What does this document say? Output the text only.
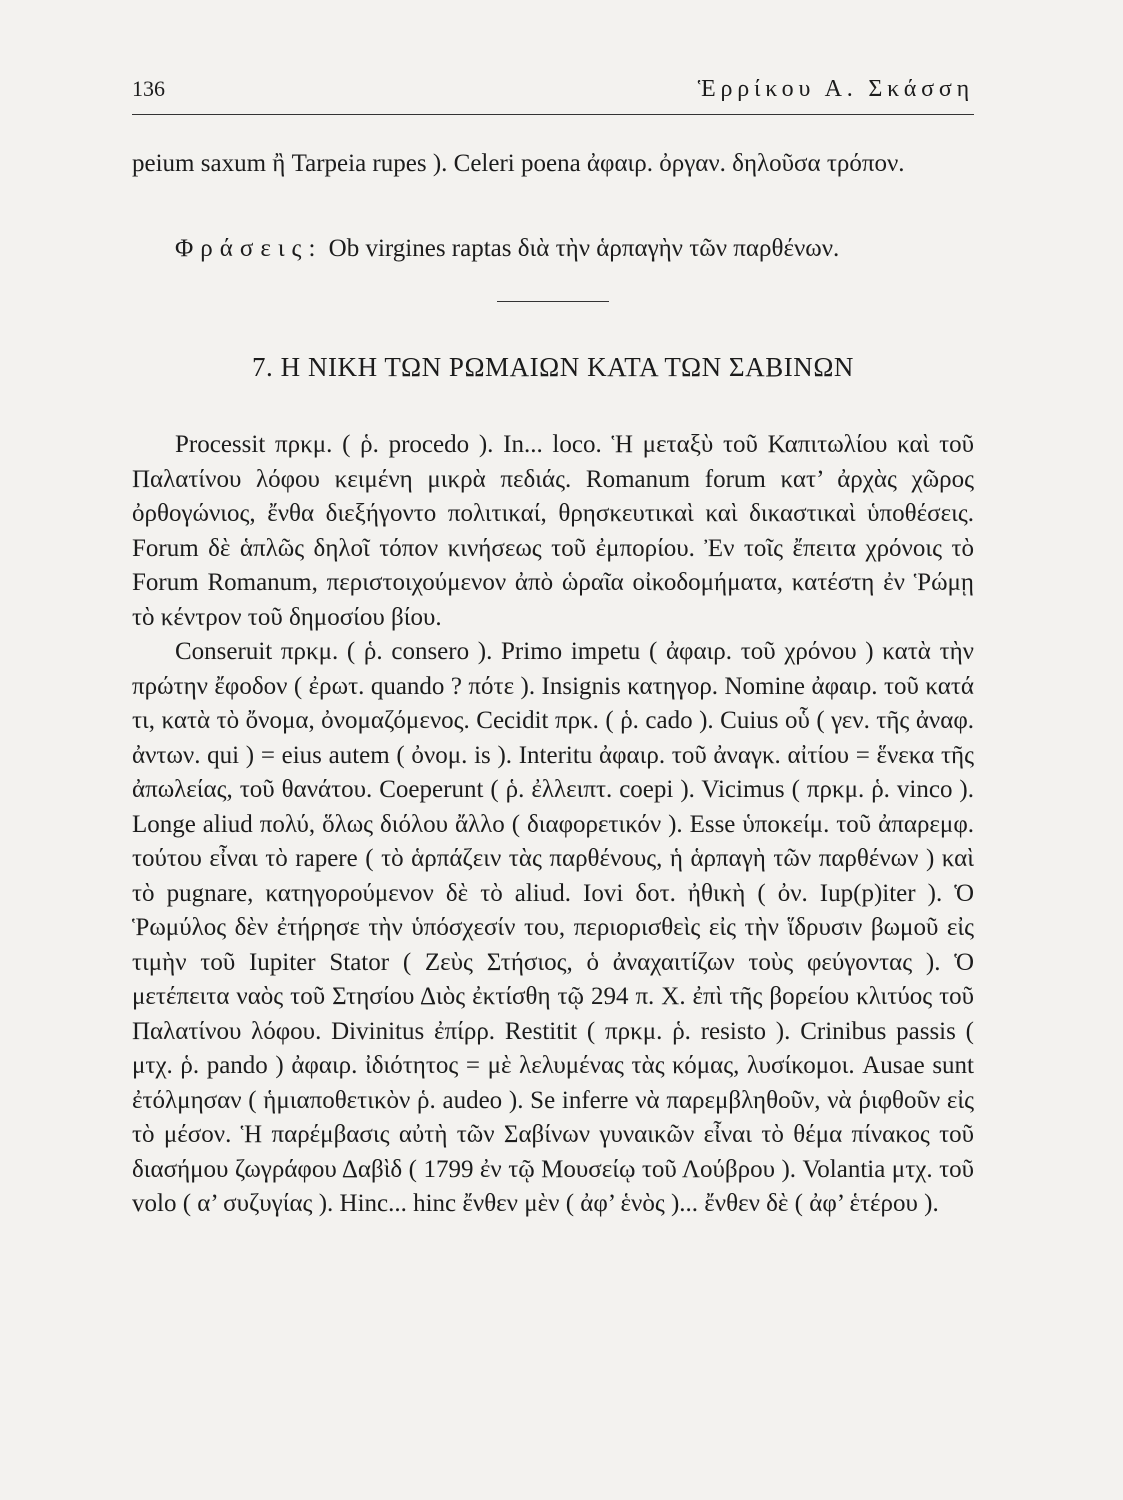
136	Ἑρρίκου Α. Σκάσση

peium saxum ἢ Tarpeia rupes ). Celeri poena ἀφαιρ. ὀργαν. δηλοῦσα τρόπον.

Φράσεις: Ob virgines raptas διὰ τὴν ἁρπαγὴν τῶν παρθένων.

7. Η ΝΙΚΗ ΤΩΝ ΡΩΜΑΙΩΝ ΚΑΤΑ ΤΩΝ ΣΑΒΙΝΩΝ

Processit πρκμ. ( ῥ. procedo ). In... loco. Ἡ μεταξὺ τοῦ Καπιτωλίου καὶ τοῦ Παλατίνου λόφου κειμένη μικρὰ πεδιάς. Romanum forum κατ’ ἀρχὰς χῶρος ὀρθογώνιος, ἔνθα διεξήγοντο πολιτικαί, θρησκευτικαὶ καὶ δικαστικαὶ ὑποθέσεις. Forum δὲ ἁπλῶς δηλοῖ τόπον κινήσεως τοῦ ἐμπορίου. Ἐν τοῖς ἔπειτα χρόνοις τὸ Forum Romanum, περιστοιχούμενον ἀπὸ ὡραῖα οἰκοδομήματα, κατέστη ἐν Ῥώμῃ τὸ κέντρον τοῦ δημοσίου βίου.

Conseruit πρκμ. ( ῥ. consero ). Primo impetu ( ἀφαιρ. τοῦ χρόνου ) κατὰ τὴν πρώτην ἔφοδον ( ἐρωτ. quando ? πότε ). Insignis κατηγορ. Nomine ἀφαιρ. τοῦ κατά τι, κατὰ τὸ ὄνομα, ὀνομαζόμενος. Cecidit πρκ. ( ῥ. cado ). Cuius οὗ ( γεν. τῆς ἀναφ. ἀντων. qui ) = eius autem ( ὀνομ. is ). Interitu ἀφαιρ. τοῦ ἀναγκ. αἰτίου = ἕνεκα τῆς ἀπωλείας, τοῦ θανάτου. Coeperunt ( ῥ. ἐλλειπτ. coepi ). Vicimus ( πρκμ. ῥ. vinco ). Longe aliud πολύ, ὅλως διόλου ἄλλο ( διαφορετικόν ). Esse ὑποκείμ. τοῦ ἀπαρεμφ. τούτου εἶναι τὸ rapere ( τὸ ἁρπάζειν τὰς παρθένους, ἡ ἁρπαγὴ τῶν παρθένων ) καὶ τὸ pugnare, κατηγορούμενον δὲ τὸ aliud. Iovi δοτ. ἠθικὴ ( ὀν. Iup(p)iter ). Ὁ Ῥωμύλος δὲν ἐτήρησε τὴν ὑπόσχεσίν του, περιορισθεὶς εἰς τὴν ἵδρυσιν βωμοῦ εἰς τιμὴν τοῦ Iupiter Stator ( Ζεὺς Στήσιος, ὁ ἀναχαιτίζων τοὺς φεύγοντας ). Ὁ μετέπειτα ναὸς τοῦ Στησίου Διὸς ἐκτίσθη τῷ 294 π. Χ. ἐπὶ τῆς βορείου κλιτύος τοῦ Παλατίνου λόφου. Divinitus ἐπίρρ. Restitit ( πρκμ. ῥ. resisto ). Crinibus passis ( μτχ. ῥ. pando ) ἀφαιρ. ἰδιότητος = μὲ λελυμένας τὰς κόμας, λυσίκομοι. Ausae sunt ἐτόλμησαν ( ἡμιαποθετικὸν ῥ. audeo ). Se inferre νὰ παρεμβληθοῦν, νὰ ῥιφθοῦν εἰς τὸ μέσον. Ἡ παρέμβασις αὐτὴ τῶν Σαβίνων γυναικῶν εἶναι τὸ θέμα πίνακος τοῦ διασήμου ζωγράφου Δαβὶδ ( 1799 ἐν τῷ Μουσείῳ τοῦ Λούβρου ). Volantia μτχ. τοῦ volo ( α’ συζυγίας ). Hinc... hinc ἔνθεν μὲν ( ἀφ’ ἑνὸς )... ἔνθεν δὲ ( ἀφ’ ἑτέρου ).
